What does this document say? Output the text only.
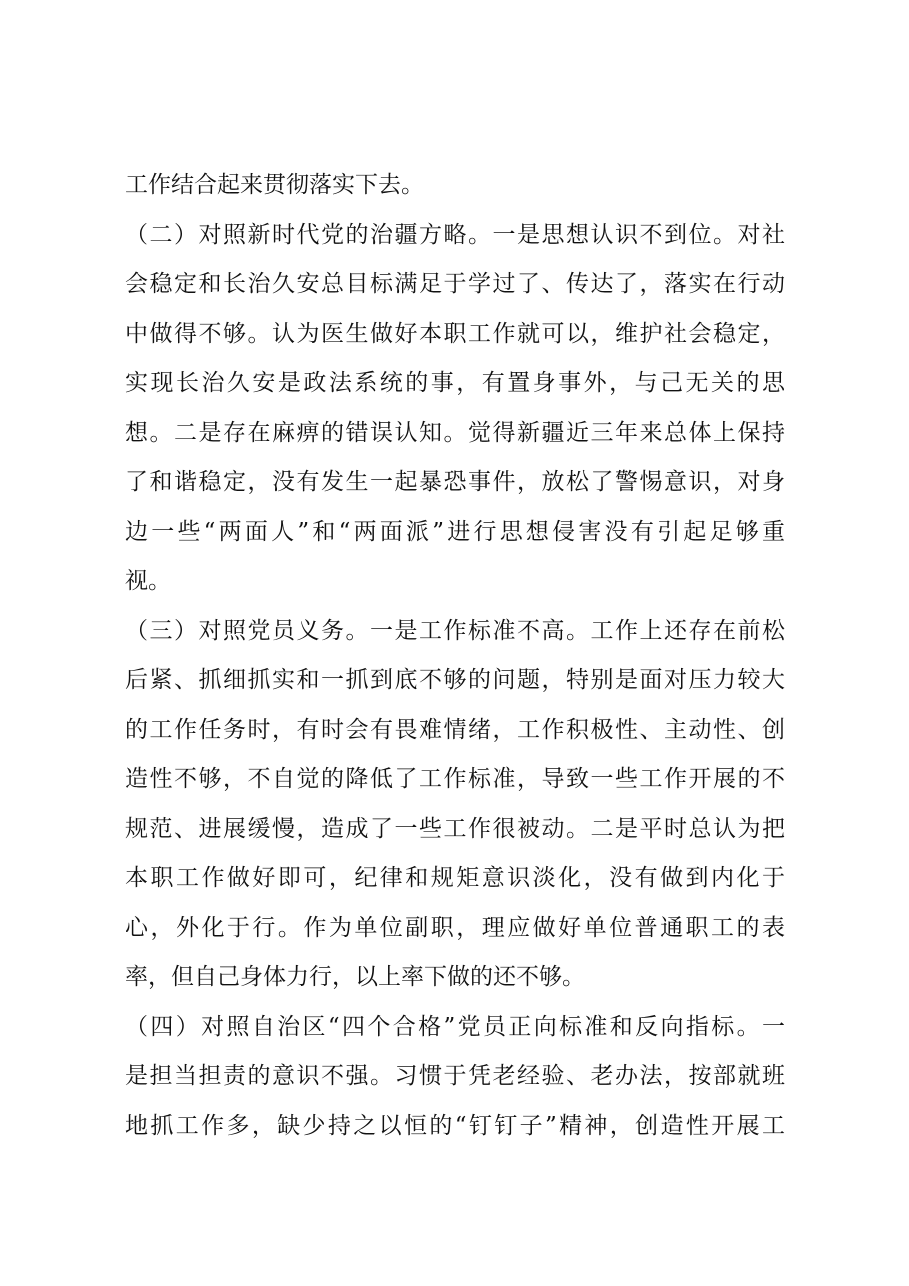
工作结合起来贯彻落实下去。
（二）对照新时代党的治疆方略。一是思想认识不到位。对社
会稳定和长治久安总目标满足于学过了、传达了，落实在行动
中做得不够。认为医生做好本职工作就可以，维护社会稳定，
实现长治久安是政法系统的事，有置身事外，与己无关的思
想。二是存在麻痹的错误认知。觉得新疆近三年来总体上保持
了和谐稳定，没有发生一起暴恐事件，放松了警惕意识，对身
边一些“两面人”和“两面派”进行思想侵害没有引起足够重
视。
（三）对照党员义务。一是工作标准不高。工作上还存在前松
后紧、抓细抓实和一抓到底不够的问题，特别是面对压力较大
的工作任务时，有时会有畏难情绪，工作积极性、主动性、创
造性不够，不自觉的降低了工作标准，导致一些工作开展的不
规范、进展缓慢，造成了一些工作很被动。二是平时总认为把
本职工作做好即可，纪律和规矩意识淡化，没有做到内化于
心，外化于行。作为单位副职，理应做好单位普通职工的表
率，但自己身体力行，以上率下做的还不够。
（四）对照自治区“四个合格”党员正向标准和反向指标。一
是担当担责的意识不强。习惯于凭老经验、老办法，按部就班
地抓工作多，缺少持之以恒的“钉钉子”精神，创造性开展工
